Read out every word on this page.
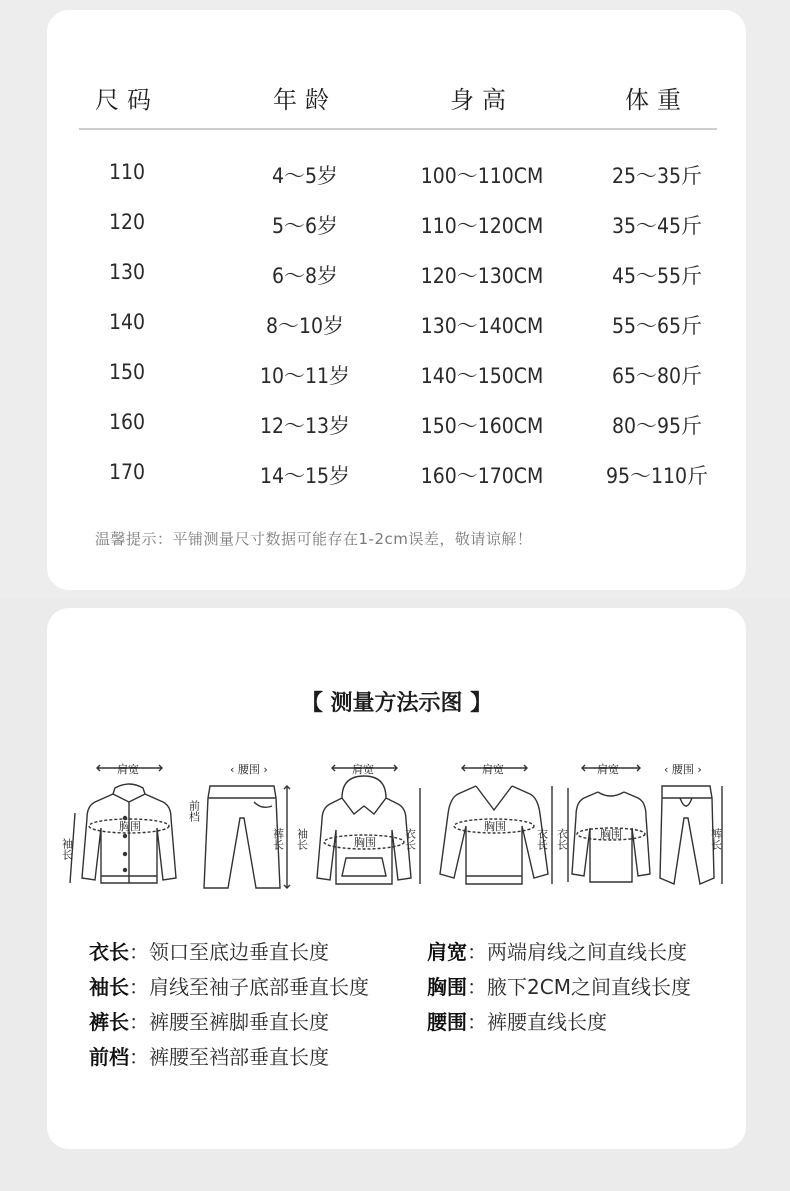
尺码	年龄	身高	体重
110	4～5岁	100～110CM	25～35斤
120	5～6岁	110～120CM	35～45斤
130	6～8岁	120～130CM	45～55斤
140	8～10岁	130～140CM	55～65斤
150	10～11岁	140～150CM	65～80斤
160	12～13岁	150～160CM	80～95斤
170	14～15岁	160～170CM	95～110斤
温馨提示：平铺测量尺寸数据可能存在1-2cm误差，敬请谅解！
【 测量方法示图 】
肩宽
胸围
袖长
‹ 腰围 ›
前档
裤长
肩宽
胸围
袖长	衣长
肩宽
胸围
衣长
肩宽	‹ 腰围 ›
胸围
衣长	裤长
衣长：领口至底边垂直长度
袖长：肩线至袖子底部垂直长度
裤长：裤腰至裤脚垂直长度
前档：裤腰至裆部垂直长度
肩宽：两端肩线之间直线长度
胸围：腋下2CM之间直线长度
腰围：裤腰直线长度
